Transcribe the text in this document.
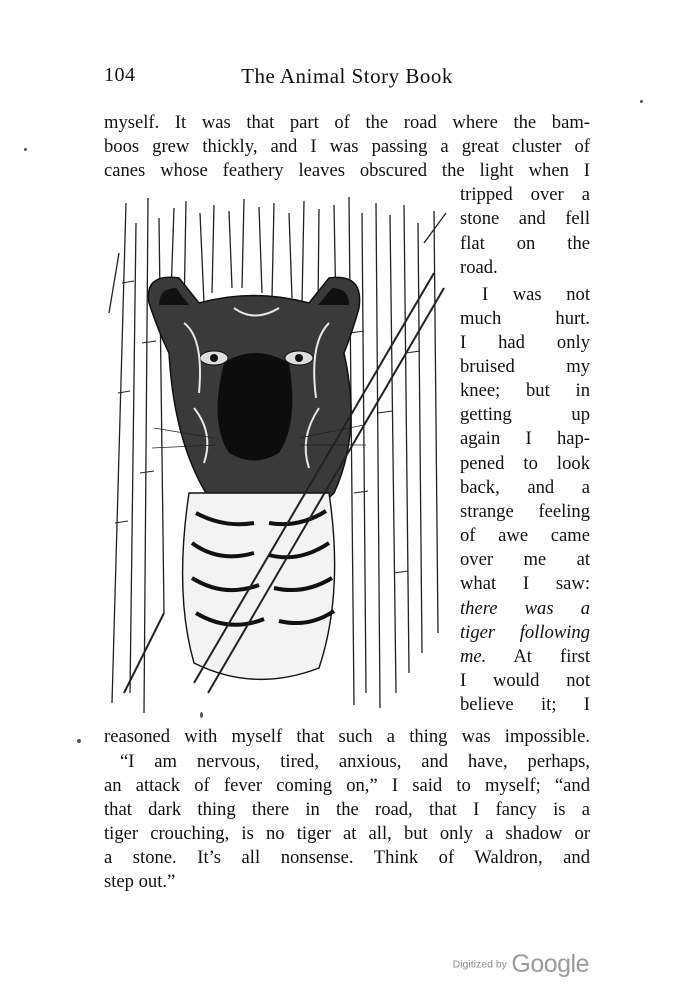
104	The Animal Story Book
myself. It was that part of the road where the bam-
boos grew thickly, and I was passing a great cluster of
canes whose feathery leaves obscured the light when I
tripped over a
stone and fell
flat on the
road.
I was not
much hurt.
I had only
bruised my
knee; but in
getting up
again I hap-
pened to look
back, and a
strange feeling
of awe came
over me at
what I saw:
there was a
tiger following
me. At first
I would not
believe it; I
reasoned with myself that such a thing was impossible.
“I am nervous, tired, anxious, and have, perhaps,
an attack of fever coming on,” I said to myself; “and
that dark thing there in the road, that I fancy is a
tiger crouching, is no tiger at all, but only a shadow or
a stone. It’s all nonsense. Think of Waldron, and
step out.”
Digitized by Google
